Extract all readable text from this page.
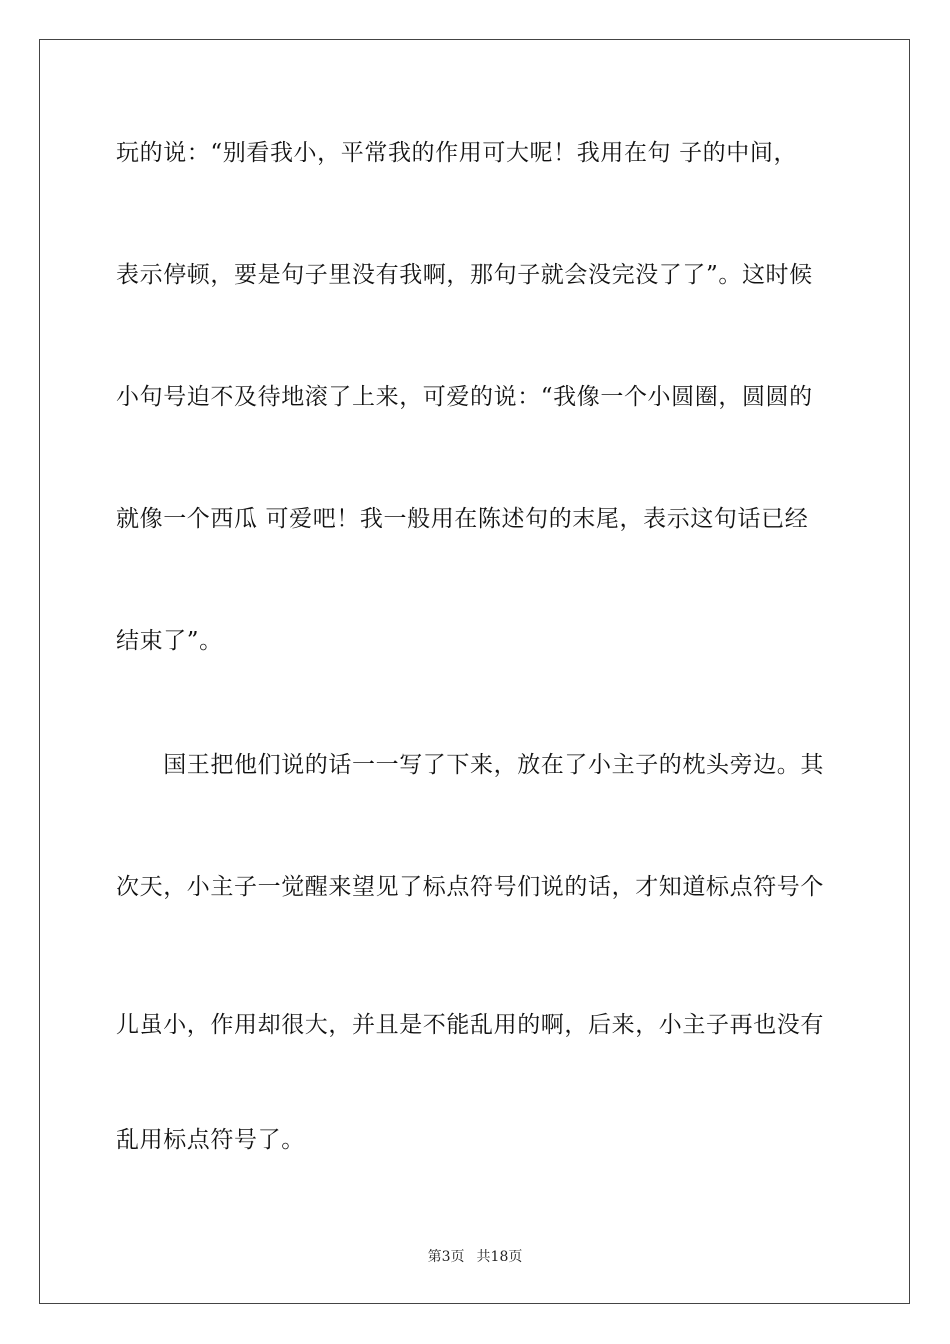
玩的说：“别看我小，平常我的作用可大呢！我用在句 子的中间，
表示停顿，要是句子里没有我啊，那句子就会没完没了了”。这时候
小句号迫不及待地滚了上来，可爱的说：“我像一个小圆圈，圆圆的
就像一个西瓜 可爱吧！我一般用在陈述句的末尾，表示这句话已经
结束了”。
　　国王把他们说的话一一写了下来，放在了小主子的枕头旁边。其
次天，小主子一觉醒来望见了标点符号们说的话，才知道标点符号个
儿虽小，作用却很大，并且是不能乱用的啊，后来，小主子再也没有
乱用标点符号了。
第3页 共18页
